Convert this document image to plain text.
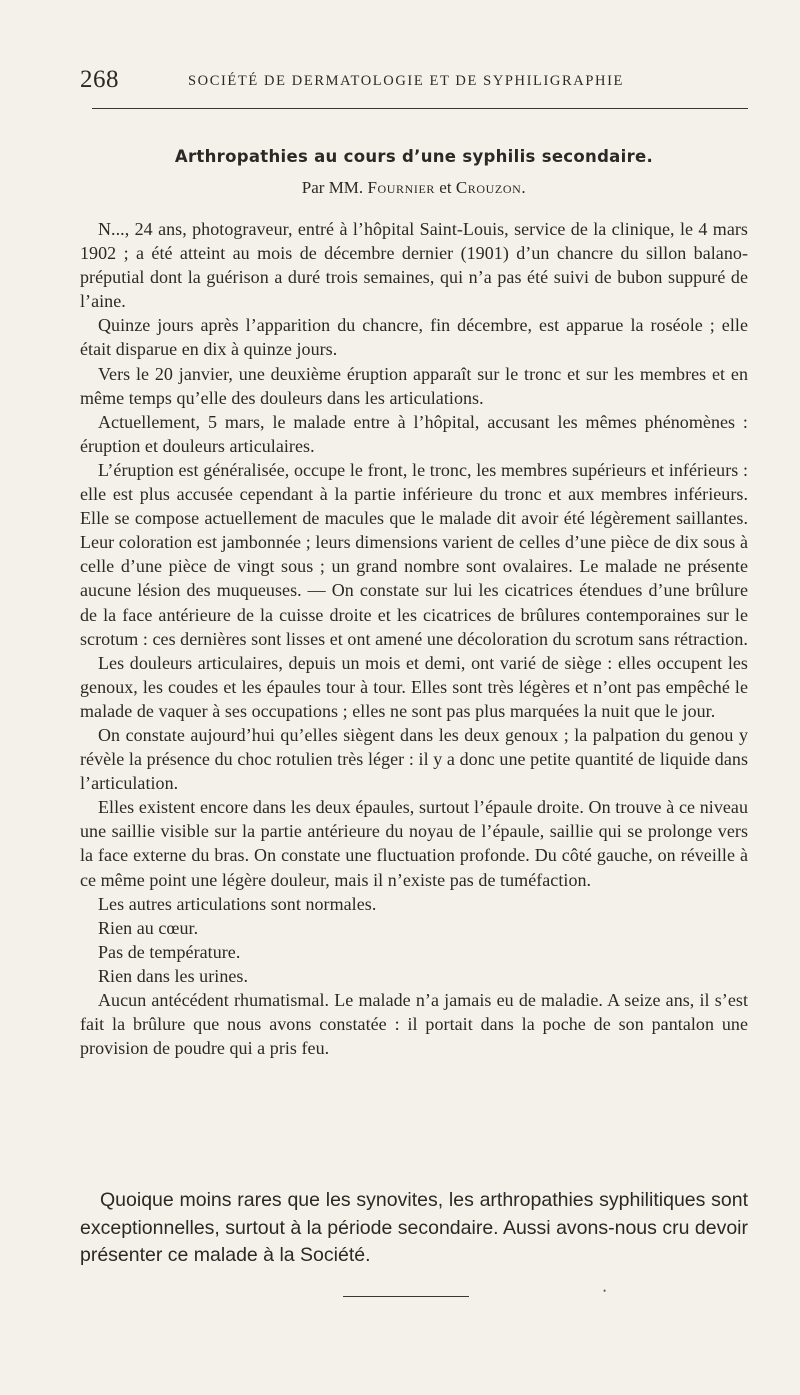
268	SOCIÉTÉ DE DERMATOLOGIE ET DE SYPHILIGRAPHIE
Arthropathies au cours d’une syphilis secondaire.
Par MM. Fournier et Crouzon.

N..., 24 ans, photograveur, entré à l’hôpital Saint-Louis, service de la clinique, le 4 mars 1902 ; a été atteint au mois de décembre dernier (1901) d’un chancre du sillon balano-préputial dont la guérison a duré trois semaines, qui n’a pas été suivi de bubon suppuré de l’aine.

Quinze jours après l’apparition du chancre, fin décembre, est apparue la roséole ; elle était disparue en dix à quinze jours.

Vers le 20 janvier, une deuxième éruption apparaît sur le tronc et sur les membres et en même temps qu’elle des douleurs dans les articulations.

Actuellement, 5 mars, le malade entre à l’hôpital, accusant les mêmes phénomènes : éruption et douleurs articulaires.

L’éruption est généralisée, occupe le front, le tronc, les membres supérieurs et inférieurs : elle est plus accusée cependant à la partie inférieure du tronc et aux membres inférieurs. Elle se compose actuellement de macules que le malade dit avoir été légèrement saillantes. Leur coloration est jambonnée ; leurs dimensions varient de celles d’une pièce de dix sous à celle d’une pièce de vingt sous ; un grand nombre sont ovalaires. Le malade ne présente aucune lésion des muqueuses. — On constate sur lui les cicatrices étendues d’une brûlure de la face antérieure de la cuisse droite et les cicatrices de brûlures contemporaines sur le scrotum : ces dernières sont lisses et ont amené une décoloration du scrotum sans rétraction.

Les douleurs articulaires, depuis un mois et demi, ont varié de siège : elles occupent les genoux, les coudes et les épaules tour à tour. Elles sont très légères et n’ont pas empêché le malade de vaquer à ses occupations ; elles ne sont pas plus marquées la nuit que le jour.

On constate aujourd’hui qu’elles siègent dans les deux genoux ; la palpation du genou y révèle la présence du choc rotulien très léger : il y a donc une petite quantité de liquide dans l’articulation.

Elles existent encore dans les deux épaules, surtout l’épaule droite. On trouve à ce niveau une saillie visible sur la partie antérieure du noyau de l’épaule, saillie qui se prolonge vers la face externe du bras. On constate une fluctuation profonde. Du côté gauche, on réveille à ce même point une légère douleur, mais il n’existe pas de tuméfaction.

Les autres articulations sont normales.

Rien au cœur.

Pas de température.

Rien dans les urines.

Aucun antécédent rhumatismal. Le malade n’a jamais eu de maladie. A seize ans, il s’est fait la brûlure que nous avons constatée : il portait dans la poche de son pantalon une provision de poudre qui a pris feu.

Quoique moins rares que les synovites, les arthropathies syphilitiques sont exceptionnelles, surtout à la période secondaire. Aussi avons-nous cru devoir présenter ce malade à la Société.

•
